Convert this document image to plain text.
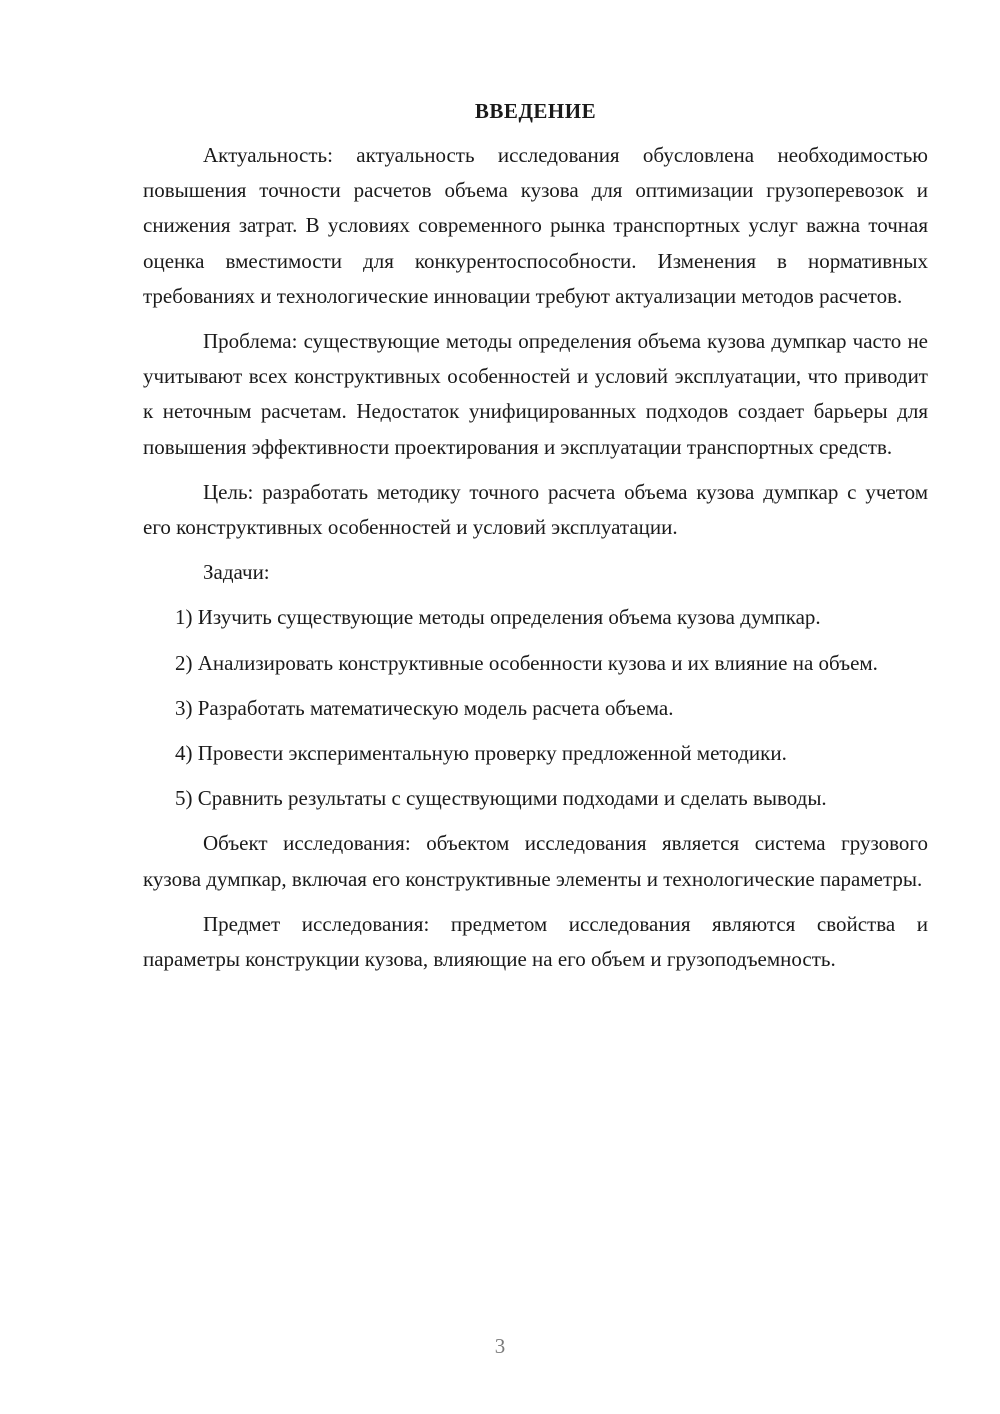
ВВЕДЕНИЕ

Актуальность: актуальность исследования обусловлена необходимостью повышения точности расчетов объема кузова для оптимизации грузоперевозок и снижения затрат. В условиях современного рынка транспортных услуг важна точная оценка вместимости для конкурентоспособности. Изменения в нормативных требованиях и технологические инновации требуют актуализации методов расчетов.

Проблема: существующие методы определения объема кузова думпкар часто не учитывают всех конструктивных особенностей и условий эксплуатации, что приводит к неточным расчетам. Недостаток унифицированных подходов создает барьеры для повышения эффективности проектирования и эксплуатации транспортных средств.

Цель: разработать методику точного расчета объема кузова думпкар с учетом его конструктивных особенностей и условий эксплуатации.

Задачи:

1) Изучить существующие методы определения объема кузова думпкар.

2) Анализировать конструктивные особенности кузова и их влияние на объем.

3) Разработать математическую модель расчета объема.

4) Провести экспериментальную проверку предложенной методики.

5) Сравнить результаты с существующими подходами и сделать выводы.

Объект исследования: объектом исследования является система грузового кузова думпкар, включая его конструктивные элементы и технологические параметры.

Предмет исследования: предметом исследования являются свойства и параметры конструкции кузова, влияющие на его объем и грузоподъемность.

3
